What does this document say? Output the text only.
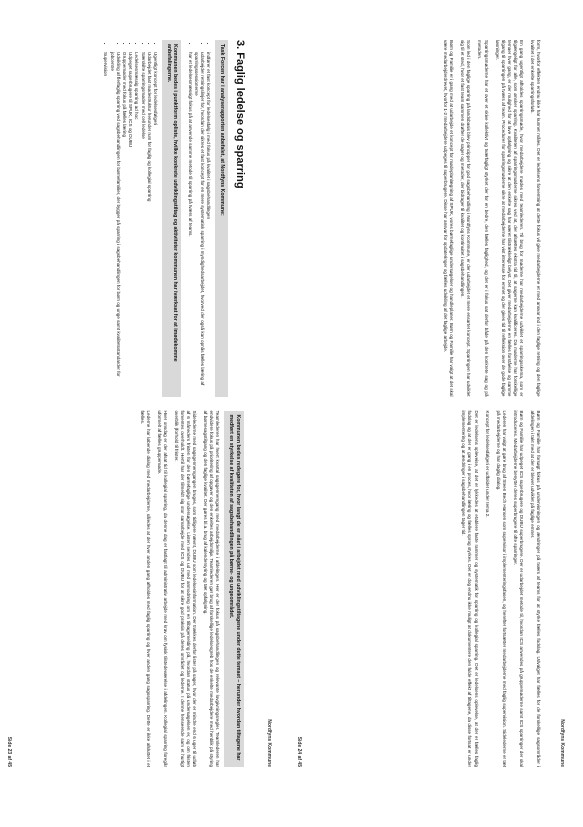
Nordfyns Kommune
3. Faglig ledelse og sparring
Task Forcen har i analyserapporten anbefalet, at Nordfyns Kommune:
• indfører et fast koncept for ledelsesfølg i med fokus på kvalitet i sagsbehandlingen
• udarbejder retningslinjer for, hvordan der sikres et fast koncept for en mere systematisk sparring i myndighedsarbejdet, hvorved der også kan opnås fælles læring af sparringssessionerne
• har et ledelsesmæssigt fokus på at anvende samme metode til sparring på tværs af teams.
Kommunen bedes i punktform oplistе, hvilke konkrete udviklingstiltag og aktiviteter kommunen har iværksat for at imødekomme anbefalingerne.
• Ugentligt koncept for ledelsesfølgeri
• Udarbejdet fast mødestruktur herunder rum for faglig og kollegial sparring
• Særskilte sparringsmøder med cell ledelse
• Ledelsesmæssig sparring ad hoc
• Udpeget superbrugere til SPUK, ICS og DUBU
• Gruppemøder med fokus på fælles læring
• Udvikling af flerfaglig sparring ved sagsbehandlingen for børnefamilier, der bygger på sparring i sagsbehandlingen for børn og unge samt kvalitetsstandarder for jobcentre
• Supervision
Kommunen bedes redegøre for, hvor langt de er nået i arbejdet med udviklingstiltagene under dette temaet – herunder hvordan tiltagene har medført en styrkelse af kvaliteten af sagsbehandlingen på børne- og ungeområdet.

Teamlederen har hvert kvartal sagsgennemgang med medarbejderne i afdelingen. Her er der fokus på sagsbehandlingen og relevante lovgivningsregler. Teamlederen har endvidere fokus på prioritering af opgaver og den enkeltes arbejdsmiljø. Teamlederen gør brug af forskellige ledelsesgreb hos de enkelte medarbejdere med henblik på styring af børnesagstilgang og den faglige kvalitet. Der gøres bl.a. brug af kalendersyring og tæt opfølgning.

Sidelederne med sagsgennemgangen bruges, som tidligere nævnt, DUBU som ledelsesinformation. Der trækkes derfor lister på sager, hvor der er mindre end 6 uger til udløb af 6 måneders fristen for den børnefaglige undersøgelse. Listen sendes ud med anmodning om en tilbagemelding på, hvordan status på undersøgelsen er, og om fristen forventes overholdt. Hertil har der tilmeldt sig stor samarbejde med ICS og DUBU for at sikre god praksis på deres området og lederne. I denne henseende sam et hurtigt overblik (forhold til frister.

Hver onsdag er der afsat tid til kollegial sparring, da denne dag er fastlagt til administrativ arbejde med krav om fysisk tilstedeværelse i afdelingen. Kollegial sparring foregår uformelt af fælles gruppemøde.

Lederne har løbende dialog med medarbejderne, således at der hver anden gang afholdes med faglig sparring og hver anden gang sagssparring. Dette er ikke afsluttet i et fælles.

Side 23 af 45	Nordfyns Kommune

form, hvorfor effekten endnu ikke har kunnet måles. Det er ledelsens forventning at dette fokus vil give medarbejderne et med ansvar ind i den faglige retning og den faglige kvalitet i det enkelte sparringsforløb.

En gang ugentligt afholdes sparringsmøde, hvor medarbejdere mødes med teamlederen. Til brug for møderne har medarbejderne udviklet et sparringsskema, som er tilgængeligt for alle, som ønsker sparring. Kvaliteten af sparringsmøderne sikres ved at, der afsættes ekstra tid til, at sagerne kan kvalificeres. Da møderne har forskellige temaer hver gang, er der mulighed for at lave opfølgning og sikre at den enkelte sag har været tilstrækkeligt belyst. Det giver medarbejderne en fælles forståelse og samme tilgang til sparringen på tværs af team. Procedurer for sparringsmøderne sikre at medarbejderne har vist interesse for emnet og der gives tid til refleksion over de gode faglige løsninger.

Sparringsmøderne har et over et skive kollektivt og tværfagligt styrket der for en bedre, den fælles faglighed, og det er i fokus sat derfor både på den konkrete sag og på metoden.

Som led i den faglige sparring på landsbasis blev principper for god sagsbehandling i Nordfyns Kommune, er der udarbejdet et mere ensartet koncept. Sparringen har udviklet sig til et sted, hvor et fast team sammen drøfter de sager og metoder, der bidrager til kvalitet og kontinuitet i sagsbehandlingen.

Børn og Familie er i gang med at udarbejde et koncept for mødeplanlægning af SPUK, vores børnefaglige undersøgelser og handleplaner. Børn og Familie har valgt at det skal være medarbejderdrevet, hvorfor 1-2 medarbejdere udpeges til superbrugere. Disse har ansvar for opdateringer og fælles udvikling af det faglige arbejde.

Børn og Familie har forsøgt fokus på undervisningen og ændringer på tværs af teams for at styrke fælles fodslag. Udvalget har fælles for de forskellige sagsområder i afdelingen i takt med at der er blevet udviklet på faglige emner.

Børn og Familie har udpeget ICS superbrugere og DUBU superbrugere. Der er udarbejdet metode til, hvordan ICS anvendes på gruppemøderne samt ICS sparringer der skal introduceres. Medarbejderne benytter deres superbrugere til ofte sparringer.

Lederen har valgt at gøre brug af Steen Bech Hansen som supervisor i implementeringsfasen, og herefter fortsætter medarbejderne med faglig supervision. Sidelederne er tæt på medarbejderne og har daglig dialog.

Koncept for ledelsesfølgeri er udfoldet under tema 2.

Det er ledelsens opleveise, at det er lykkedes at etablere faste rammer og systematik for sparring og kollegial sparring. Det er ledelsens oplevelse, at der er fælles faglig fodslag og at der er gang i en proces, hvor læring og fælles sprog styrkes. Det er dog endnu ikke muligt at dokumentere den fulde effekt af tiltagene, da disse fortsat er under implementering og at ændringer i sagsbehandlingen tager tid.

Side 24 af 45
